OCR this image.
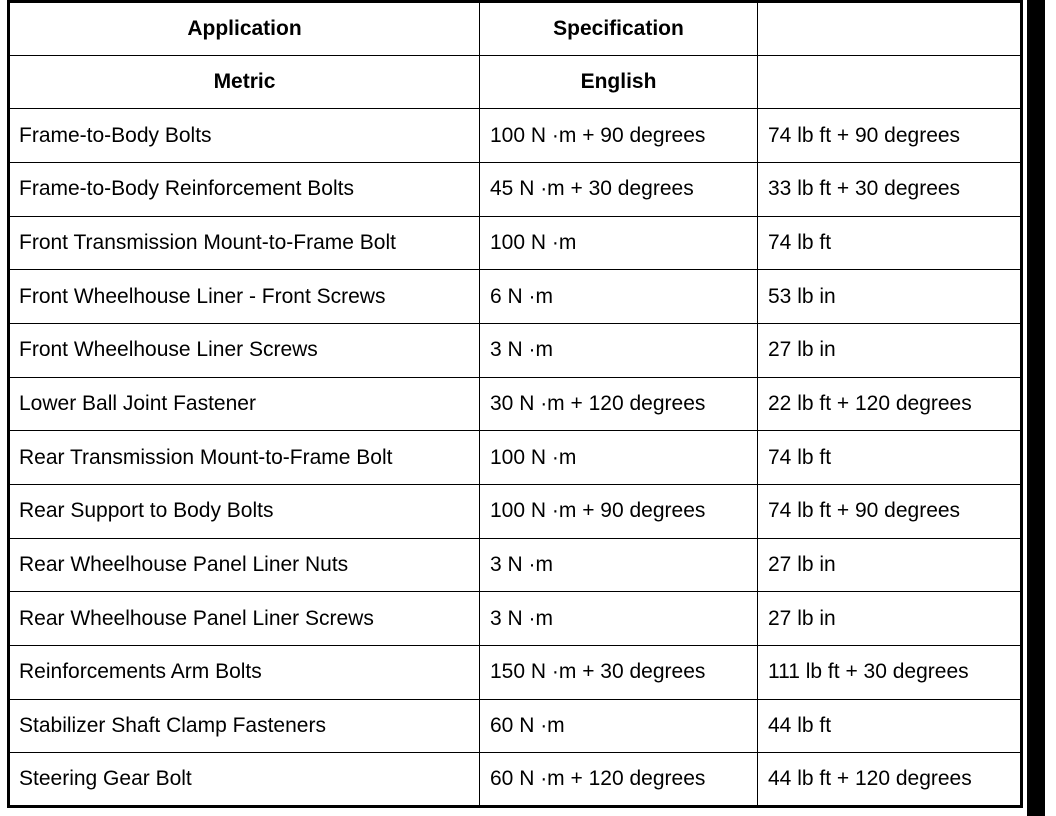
Application	Specification	
Metric	English	
Frame-to-Body Bolts	100 N ·m + 90 degrees	74 lb ft + 90 degrees
Frame-to-Body Reinforcement Bolts	45 N ·m + 30 degrees	33 lb ft + 30 degrees
Front Transmission Mount-to-Frame Bolt	100 N ·m	74 lb ft
Front Wheelhouse Liner - Front Screws	6 N ·m	53 lb in
Front Wheelhouse Liner Screws	3 N ·m	27 lb in
Lower Ball Joint Fastener	30 N ·m + 120 degrees	22 lb ft + 120 degrees
Rear Transmission Mount-to-Frame Bolt	100 N ·m	74 lb ft
Rear Support to Body Bolts	100 N ·m + 90 degrees	74 lb ft + 90 degrees
Rear Wheelhouse Panel Liner Nuts	3 N ·m	27 lb in
Rear Wheelhouse Panel Liner Screws	3 N ·m	27 lb in
Reinforcements Arm Bolts	150 N ·m + 30 degrees	111 lb ft + 30 degrees
Stabilizer Shaft Clamp Fasteners	60 N ·m	44 lb ft
Steering Gear Bolt	60 N ·m + 120 degrees	44 lb ft + 120 degrees
